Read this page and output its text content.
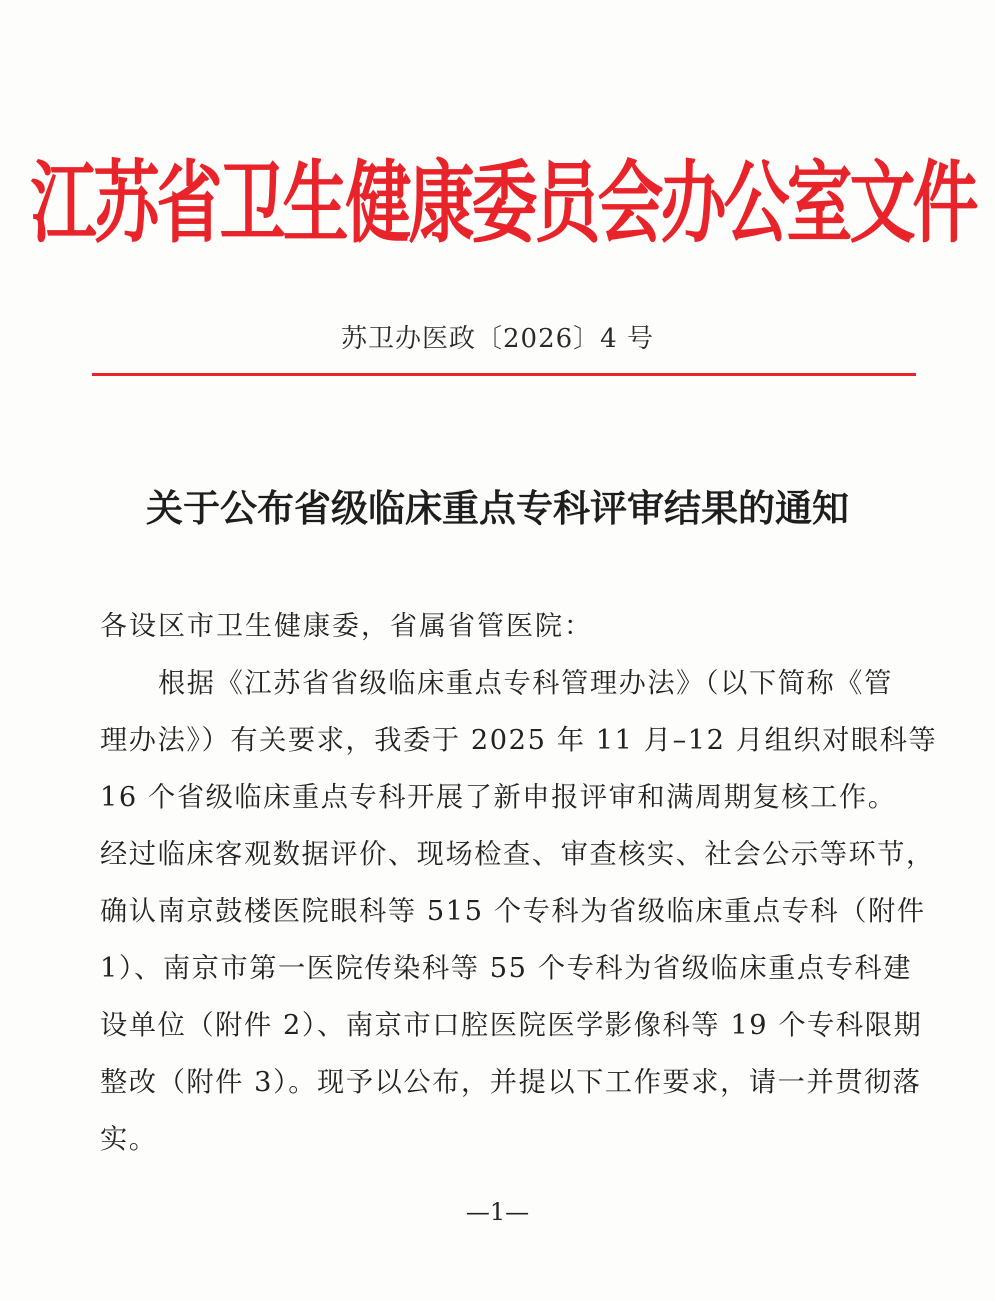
江苏省卫生健康委员会办公室文件
苏卫办医政〔2026〕4 号
关于公布省级临床重点专科评审结果的通知
各设区市卫生健康委，省属省管医院：
根据《江苏省省级临床重点专科管理办法》（以下简称《管
理办法》）有关要求，我委于 2025 年 11 月–12 月组织对眼科等
16 个省级临床重点专科开展了新申报评审和满周期复核工作。
经过临床客观数据评价、现场检查、审查核实、社会公示等环节，
确认南京鼓楼医院眼科等 515 个专科为省级临床重点专科（附件
1）、南京市第一医院传染科等 55 个专科为省级临床重点专科建
设单位（附件 2）、南京市口腔医院医学影像科等 19 个专科限期
整改（附件 3）。现予以公布，并提以下工作要求，请一并贯彻落
实。
—1—
